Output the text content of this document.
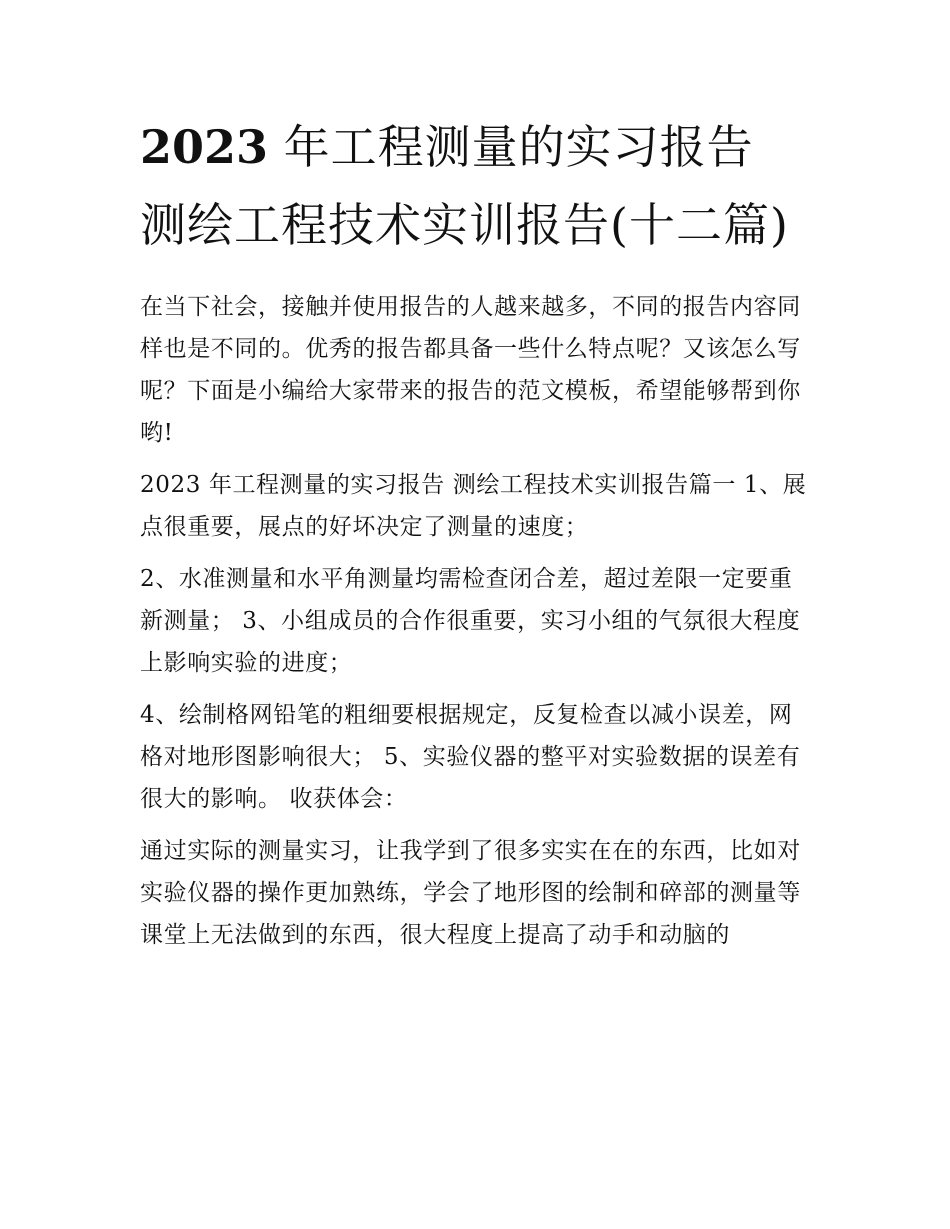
2023 年工程测量的实习报告 测绘工程技术实训报告(十二篇)

在当下社会，接触并使用报告的人越来越多，不同的报告内容同样也是不同的。优秀的报告都具备一些什么特点呢？又该怎么写呢？下面是小编给大家带来的报告的范文模板，希望能够帮到你哟!

2023 年工程测量的实习报告 测绘工程技术实训报告篇一 1、展点很重要，展点的好坏决定了测量的速度；

2、水准测量和水平角测量均需检查闭合差，超过差限一定要重新测量； 3、小组成员的合作很重要，实习小组的气氛很大程度上影响实验的进度；

4、绘制格网铅笔的粗细要根据规定，反复检查以减小误差，网格对地形图影响很大； 5、实验仪器的整平对实验数据的误差有很大的影响。 收获体会：

通过实际的测量实习，让我学到了很多实实在在的东西，比如对实验仪器的操作更加熟练，学会了地形图的绘制和碎部的测量等课堂上无法做到的东西，很大程度上提高了动手和动脑的
